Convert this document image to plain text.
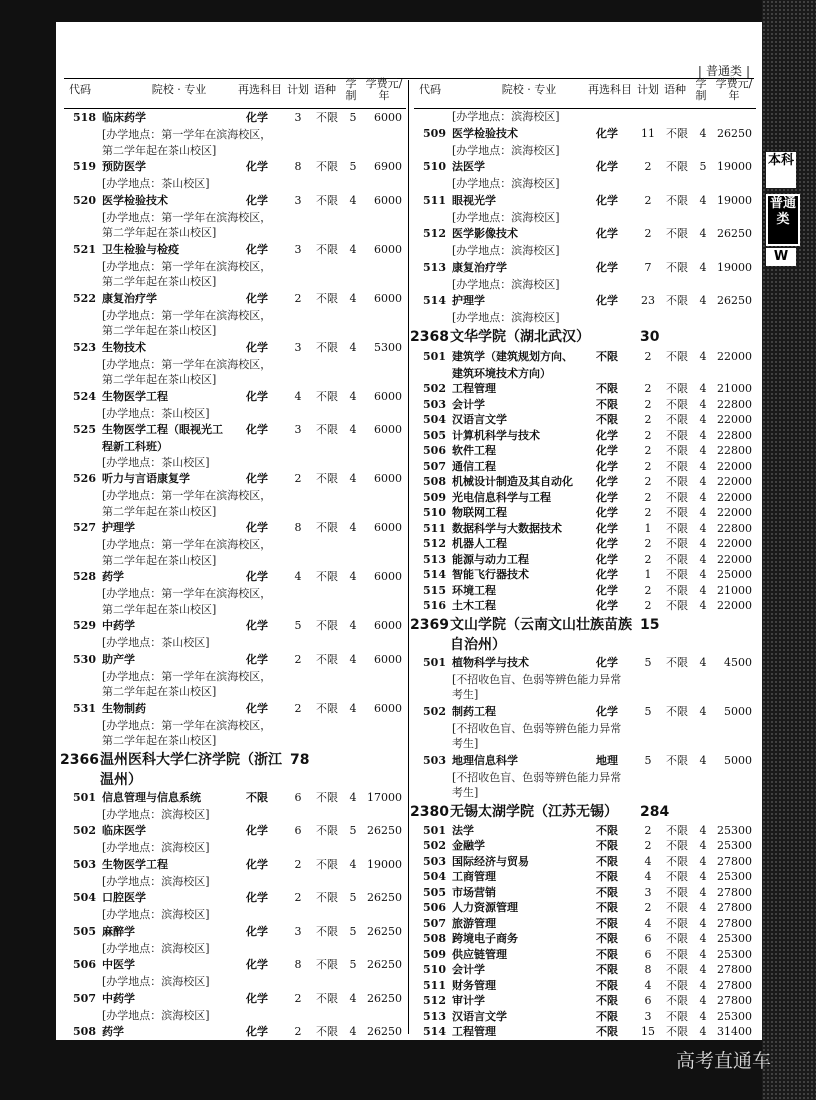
| 普通类 |
代码	院校 · 专业	再选科目 计划 语种 学制
学费元/年
518 临床药学	化学	3	不限 5	6000
[办学地点：第一学年在滨海校区，
第二学年起在茶山校区]
519 预防医学	化学	8	不限 5	6900
[办学地点：茶山校区]
520 医学检验技术	化学	3	不限 4	6000
[办学地点：第一学年在滨海校区，
第二学年起在茶山校区]
521 卫生检验与检疫	化学	3	不限 4	6000
[办学地点：第一学年在滨海校区，
第二学年起在茶山校区]
522 康复治疗学	化学	2	不限 4	6000
[办学地点：第一学年在滨海校区，
第二学年起在茶山校区]
523 生物技术	化学	3	不限 4	5300
[办学地点：第一学年在滨海校区，
第二学年起在茶山校区]
524 生物医学工程	化学	4	不限 4	6000
[办学地点：茶山校区]
525 生物医学工程（眼视光工 化学	3	不限 4	6000
程新工科班）
[办学地点：茶山校区]
526 听力与言语康复学	化学	2	不限 4	6000
[办学地点：第一学年在滨海校区，
第二学年起在茶山校区]
527 护理学	化学	8	不限 4	6000
[办学地点：第一学年在滨海校区，
第二学年起在茶山校区]
528 药学	化学	4	不限 4	6000
[办学地点：第一学年在滨海校区，
第二学年起在茶山校区]
529 中药学	化学	5	不限 4	6000
[办学地点：茶山校区]
530 助产学	化学	2	不限 4	6000
[办学地点：第一学年在滨海校区，
第二学年起在茶山校区]
531 生物制药	化学	2	不限 4	6000
[办学地点：第一学年在滨海校区，
第二学年起在茶山校区]
2366 温州医科大学仁济学院（浙江 78
温州）
501 信息管理与信息系统	不限	6	不限 4 17000
[办学地点：滨海校区]
502 临床医学	化学	6	不限 5 26250
[办学地点：滨海校区]
503 生物医学工程	化学	2	不限 4 19000
[办学地点：滨海校区]
504 口腔医学	化学	2	不限 5 26250
[办学地点：滨海校区]
505 麻醉学	化学	3	不限 5 26250
[办学地点：滨海校区]
506 中医学	化学	8	不限 5 26250
[办学地点：滨海校区]
507 中药学	化学	2	不限 4 26250
[办学地点：滨海校区]
508 药学	化学	2	不限 4 26250
代码	院校 · 专业	再选科目 计划 语种 学制
学费元/年
[办学地点：滨海校区]
509 医学检验技术	化学 11 不限 4 26250
[办学地点：滨海校区]
510 法医学	化学	2	不限 5 19000
[办学地点：滨海校区]
511 眼视光学	化学	2	不限 4 19000
[办学地点：滨海校区]
512 医学影像技术	化学	2	不限 4 26250
[办学地点：滨海校区]
513 康复治疗学	化学	7	不限 4 19000
[办学地点：滨海校区]
514 护理学	化学 23 不限 4 26250
[办学地点：滨海校区]
2368 文华学院（湖北武汉）	30
501 建筑学（建筑规划方向、 不限	2	不限 4 22000
建筑环境技术方向）
502 工程管理	不限	2	不限 4 21000
503 会计学	不限	2	不限 4 22800
504 汉语言文学	不限	2	不限 4 22000
505 计算机科学与技术	化学	2	不限 4 22800
506 软件工程	化学	2	不限 4 22800
507 通信工程	化学	2	不限 4 22000
508 机械设计制造及其自动化 化学	2	不限 4 22000
509 光电信息科学与工程	化学	2	不限 4 22000
510 物联网工程	化学	2	不限 4 22000
511 数据科学与大数据技术	化学	1	不限 4 22800
512 机器人工程	化学	2	不限 4 22000
513 能源与动力工程	化学	2	不限 4 22000
514 智能飞行器技术	化学	1	不限 4 25000
515 环境工程	化学	2	不限 4 21000
516 土木工程	化学	2	不限 4 22000
2369 文山学院（云南文山壮族苗族 15
自治州）
501 植物科学与技术	化学	5	不限 4	4500
[不招收色盲、色弱等辨色能力异常
考生]
502 制药工程	化学	5	不限 4	5000
[不招收色盲、色弱等辨色能力异常
考生]
503 地理信息科学	地理	5	不限 4	5000
[不招收色盲、色弱等辨色能力异常
考生]
2380 无锡太湖学院（江苏无锡） 284
501 法学	不限	2	不限 4 25300
502 金融学	不限	2	不限 4 25300
503 国际经济与贸易	不限	4	不限 4 27800
504 工商管理	不限	4	不限 4 25300
505 市场营销	不限	3	不限 4 27800
506 人力资源管理	不限	2	不限 4 27800
507 旅游管理	不限	4	不限 4 27800
508 跨境电子商务	不限	6	不限 4 25300
509 供应链管理	不限	6	不限 4 25300
510 会计学	不限	8	不限 4 27800
511 财务管理	不限	4	不限 4 27800
512 审计学	不限	6	不限 4 27800
513 汉语言文学	不限	3	不限 4 25300
514 工程管理	不限 15 不限 4 31400
本科
普通类
W
高考直通车
